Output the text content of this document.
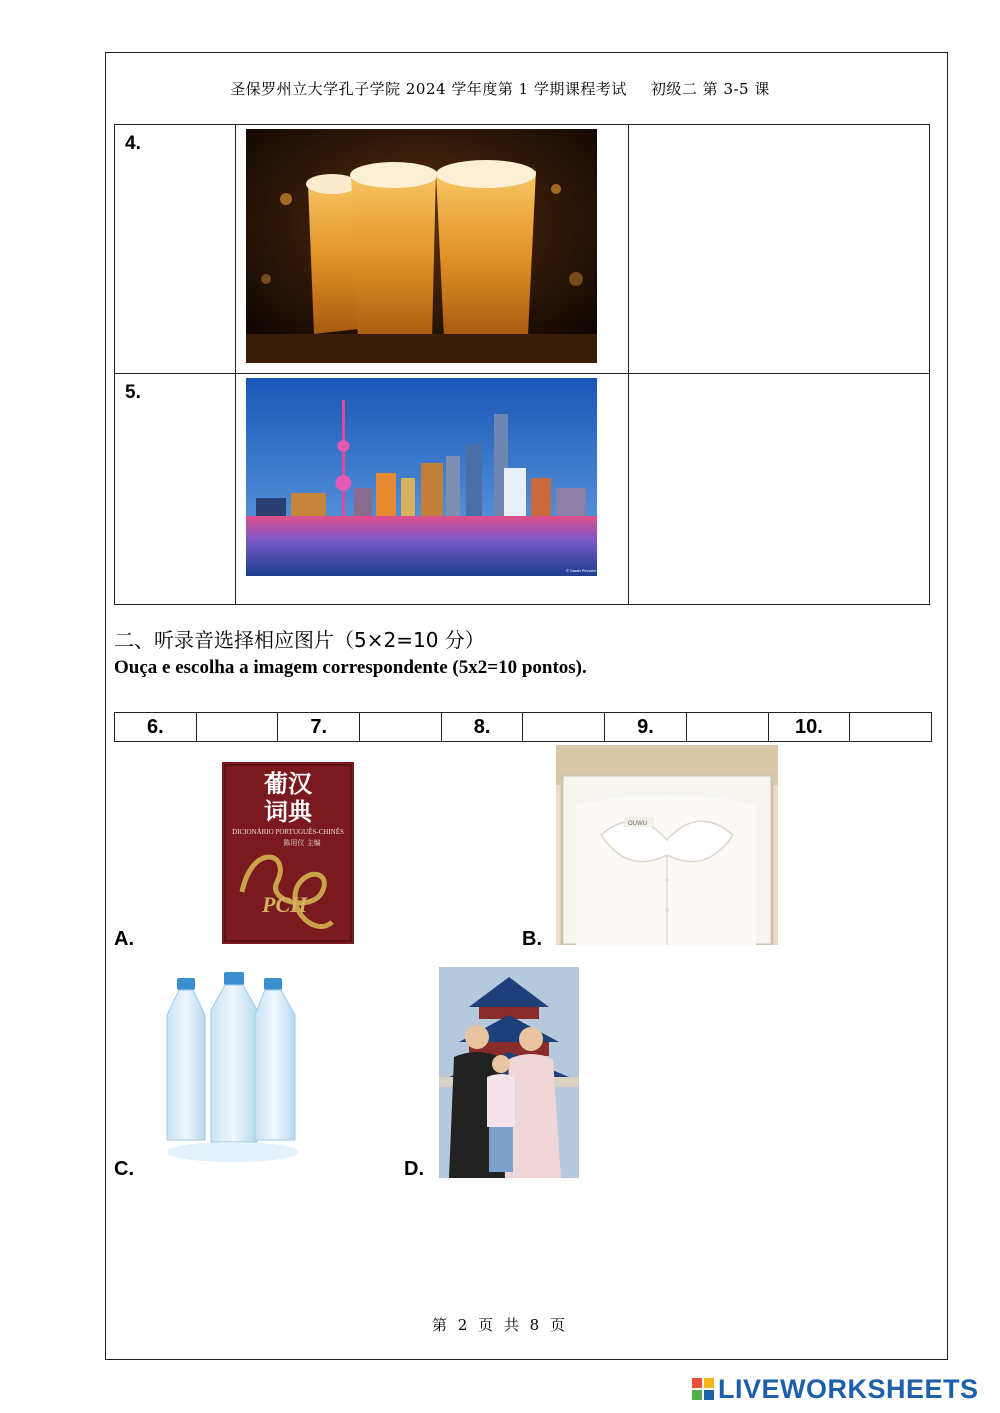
圣保罗州立大学孔子学院 2024 学年度第 1 学期课程考试 初级二 第 3-5 课
4.	

5.	© Sarah Pecorini	

二、听录音选择相应图片（5×2=10 分）
Ouça e escolha a imagem correspondente (5x2=10 pontos).
6.		7.		8.		9.		10.	
A.
葡汉
词典
DICIONÁRIO PORTUGUÊS-CHINÊS
陈用仪 主编
PCH
B.
OUWU
C.	D.
第 2 页 共 8 页
LIVEWORKSHEETS
